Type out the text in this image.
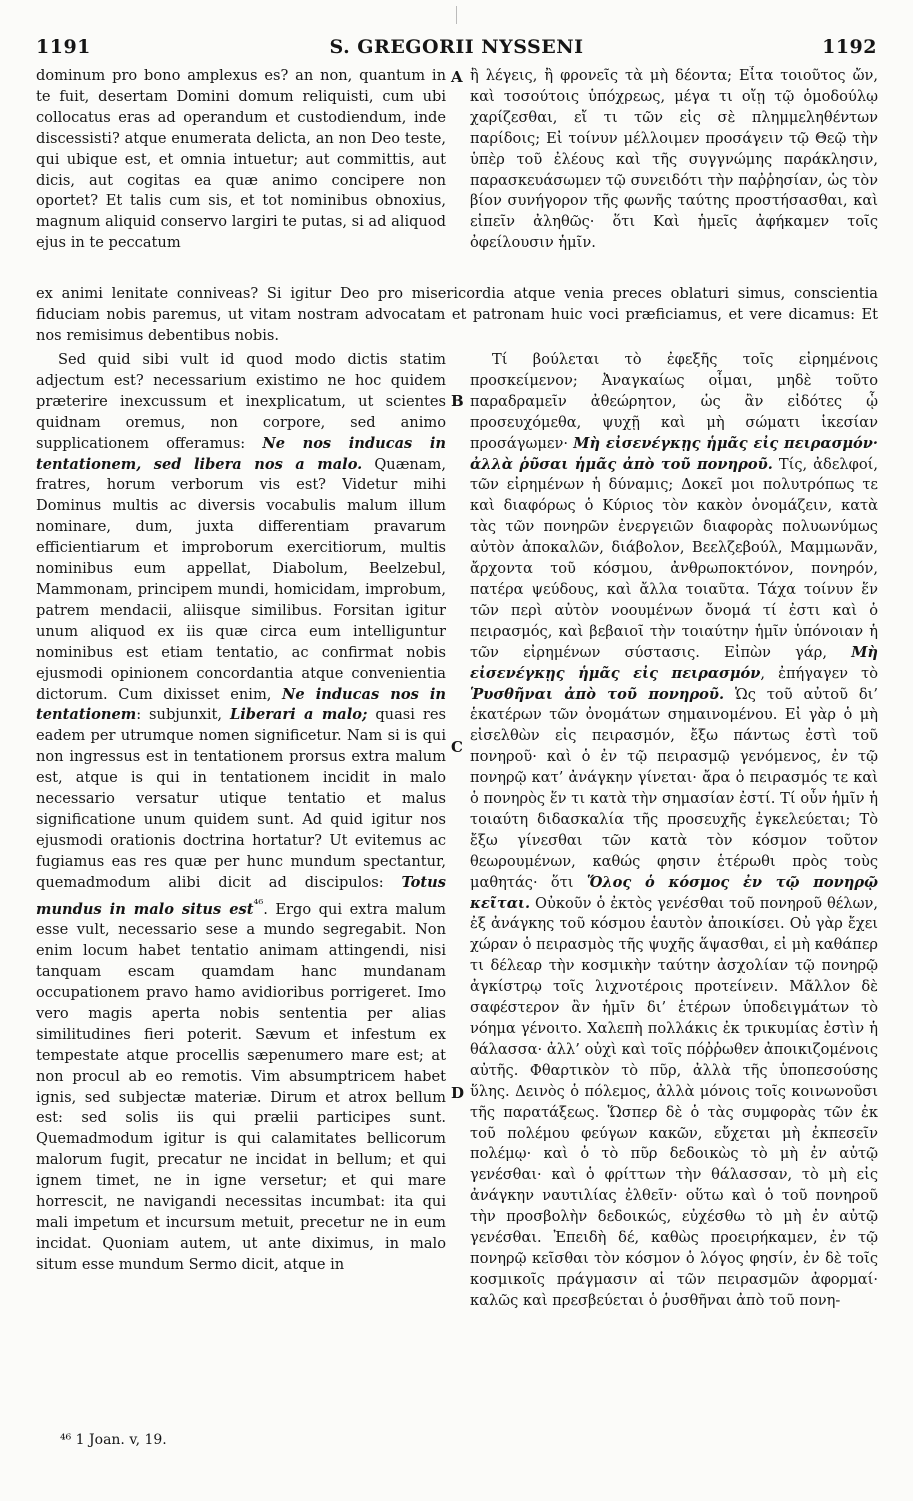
1191	S. GREGORII NYSSENI	1192
A
B
C
D

dominum pro bono amplexus es? an non, quantum in te fuit, desertam Domini domum reliquisti, cum ubi collocatus eras ad operandum et custodiendum, inde discessisti? atque enumerata delicta, an non Deo teste, qui ubique est, et omnia intuetur; aut committis, aut dicis, aut cogitas ea quæ animo concipere non oportet? Et talis cum sis, et tot nominibus obnoxius, magnum aliquid conservo largiri te putas, si ad aliquod ejus in te peccatum

ἢ λέγεις, ἢ φρονεῖς τὰ μὴ δέοντα; Εἶτα τοιοῦτος ὤν, καὶ τοσούτοις ὑπόχρεως, μέγα τι οἴῃ τῷ ὁμοδούλῳ χαρίζεσθαι, εἴ τι τῶν εἰς σὲ πλημμεληθέντων παρίδοις; Εἰ τοίνυν μέλλοιμεν προσάγειν τῷ Θεῷ τὴν ὑπὲρ τοῦ ἐλέους καὶ τῆς συγγνώμης παράκλησιν, παρασκευάσωμεν τῷ συνειδότι τὴν παῤῥησίαν, ὡς τὸν βίον συνήγορον τῆς φωνῆς ταύτης προστήσασθαι, καὶ εἰπεῖν ἀληθῶς· ὅτι Καὶ ἡμεῖς ἀφήκαμεν τοῖς ὀφείλουσιν ἡμῖν.

ex animi lenitate conniveas? Si igitur Deo pro misericordia atque venia preces oblaturi simus, conscientia fiduciam nobis paremus, ut vitam nostram advocatam et patronam huic voci præficiamus, et vere dicamus: Et nos remisimus debentibus nobis.

Sed quid sibi vult id quod modo dictis statim adjectum est? necessarium existimo ne hoc quidem præterire inexcussum et inexplicatum, ut scientes quidnam oremus, non corpore, sed animo supplicationem offeramus: Ne nos inducas in tentationem, sed libera nos a malo. Quænam, fratres, horum verborum vis est? Videtur mihi Dominus multis ac diversis vocabulis malum illum nominare, dum, juxta differentiam pravarum efficientiarum et improborum exercitiorum, multis nominibus eum appellat, Diabolum, Beelzebul, Mammonam, principem mundi, homicidam, improbum, patrem mendacii, aliisque similibus. Forsitan igitur unum aliquod ex iis quæ circa eum intelliguntur nominibus est etiam tentatio, ac confirmat nobis ejusmodi opinionem concordantia atque convenientia dictorum. Cum dixisset enim, Ne inducas nos in tentationem: subjunxit, Liberari a malo; quasi res eadem per utrumque nomen significetur. Nam si is qui non ingressus est in tentationem prorsus extra malum est, atque is qui in tentationem incidit in malo necessario versatur utique tentatio et malus significatione unum quidem sunt. Ad quid igitur nos ejusmodi orationis doctrina hortatur? Ut evitemus ac fugiamus eas res quæ per hunc mundum spectantur, quemadmodum alibi dicit ad discipulos: Totus mundus in malo situs est$^{^{46}}$. Ergo qui extra malum esse vult, necessario sese a mundo segregabit. Non enim locum habet tentatio animam attingendi, nisi tanquam escam quamdam hanc mundanam occupationem pravo hamo avidioribus porrigeret. Imo vero magis aperta nobis sententia per alias similitudines fieri poterit. Sævum et infestum ex tempestate atque procellis sæpenumero mare est; at non procul ab eo remotis. Vim absumptricem habet ignis, sed subjectæ materiæ. Dirum et atrox bellum est: sed solis iis qui prælii participes sunt. Quemadmodum igitur is qui calamitates bellicorum malorum fugit, precatur ne incidat in bellum; et qui ignem timet, ne in igne versetur; et qui mare horrescit, ne navigandi necessitas incumbat: ita qui mali impetum et incursum metuit, precetur ne in eum incidat. Quoniam autem, ut ante diximus, in malo situm esse mundum Sermo dicit, atque in

Τί βούλεται τὸ ἐφεξῆς τοῖς εἰρημένοις προσκείμενον; Ἀναγκαίως οἶμαι, μηδὲ τοῦτο παραδραμεῖν ἀθεώρητον, ὡς ἂν εἰδότες ᾧ προσευχόμεθα, ψυχῇ καὶ μὴ σώματι ἱκεσίαν προσάγωμεν· Μὴ εἰσενέγκῃς ἡμᾶς εἰς πειρασμόν· ἀλλὰ ῥῦσαι ἡμᾶς ἀπὸ τοῦ πονηροῦ. Τίς, ἀδελφοί, τῶν εἰρημένων ἡ δύναμις; Δοκεῖ μοι πολυτρόπως τε καὶ διαφόρως ὁ Κύριος τὸν κακὸν ὀνομάζειν, κατὰ τὰς τῶν πονηρῶν ἐνεργειῶν διαφορὰς πολυωνύμως αὐτὸν ἀποκαλῶν, διάβολον, Βεελζεβούλ, Μαμμωνᾶν, ἄρχοντα τοῦ κόσμου, ἀνθρωποκτόνον, πονηρόν, πατέρα ψεύδους, καὶ ἄλλα τοιαῦτα. Τάχα τοίνυν ἕν τῶν περὶ αὐτὸν νοουμένων ὄνομά τί ἐστι καὶ ὁ πειρασμός, καὶ βεβαιοῖ τὴν τοιαύτην ἡμῖν ὑπόνοιαν ἡ τῶν εἰρημένων σύστασις. Εἰπὼν γάρ, Μὴ εἰσενέγκῃς ἡμᾶς εἰς πειρασμόν, ἐπήγαγεν τὸ Ῥυσθῆναι ἀπὸ τοῦ πονηροῦ. Ὡς τοῦ αὐτοῦ δι’ ἑκατέρων τῶν ὀνομάτων σημαινομένου. Εἰ γὰρ ὁ μὴ εἰσελθὼν εἰς πειρασμόν, ἔξω πάντως ἐστὶ τοῦ πονηροῦ· καὶ ὁ ἐν τῷ πειρασμῷ γενόμενος, ἐν τῷ πονηρῷ κατ’ ἀνάγκην γίνεται· ἄρα ὁ πειρασμός τε καὶ ὁ πονηρὸς ἕν τι κατὰ τὴν σημασίαν ἐστί. Τί οὖν ἡμῖν ἡ τοιαύτη διδασκαλία τῆς προσευχῆς ἐγκελεύεται; Τὸ ἔξω γίνεσθαι τῶν κατὰ τὸν κόσμον τοῦτον θεωρουμένων, καθώς φησιν ἑτέρωθι πρὸς τοὺς μαθητάς· ὅτι Ὅλος ὁ κόσμος ἐν τῷ πονηρῷ κεῖται. Οὐκοῦν ὁ ἐκτὸς γενέσθαι τοῦ πονηροῦ θέλων, ἐξ ἀνάγκης τοῦ κόσμου ἑαυτὸν ἀποικίσει. Οὐ γὰρ ἔχει χώραν ὁ πειρασμὸς τῆς ψυχῆς ἅψασθαι, εἰ μὴ καθάπερ τι δέλεαρ τὴν κοσμικὴν ταύτην ἀσχολίαν τῷ πονηρῷ ἀγκίστρῳ τοῖς λιχνοτέροις προτείνειν. Μᾶλλον δὲ σαφέστερον ἂν ἡμῖν δι’ ἑτέρων ὑποδειγμάτων τὸ νόημα γένοιτο. Χαλεπὴ πολλάκις ἐκ τρικυμίας ἐστὶν ἡ θάλασσα· ἀλλ’ οὐχὶ καὶ τοῖς πόῤῥωθεν ἀποικιζομένοις αὐτῆς. Φθαρτικὸν τὸ πῦρ, ἀλλὰ τῆς ὑποπεσούσης ὕλης. Δεινὸς ὁ πόλεμος, ἀλλὰ μόνοις τοῖς κοινωνοῦσι τῆς παρατάξεως. Ὥσπερ δὲ ὁ τὰς συμφορὰς τῶν ἐκ τοῦ πολέμου φεύγων κακῶν, εὔχεται μὴ ἐκπεσεῖν πολέμῳ· καὶ ὁ τὸ πῦρ δεδοικὼς τὸ μὴ ἐν αὐτῷ γενέσθαι· καὶ ὁ φρίττων τὴν θάλασσαν, τὸ μὴ εἰς ἀνάγκην ναυτιλίας ἐλθεῖν· οὕτω καὶ ὁ τοῦ πονηροῦ τὴν προσβολὴν δεδοικώς, εὐχέσθω τὸ μὴ ἐν αὐτῷ γενέσθαι. Ἐπειδὴ δέ, καθὼς προειρήκαμεν, ἐν τῷ πονηρῷ κεῖσθαι τὸν κόσμον ὁ λόγος φησίν, ἐν δὲ τοῖς κοσμικοῖς πράγμασιν αἱ τῶν πειρασμῶν ἀφορμαί· καλῶς καὶ πρεσβεύεται ὁ ῥυσθῆναι ἀπὸ τοῦ πονη-

⁴⁶ 1 Joan. v, 19.
